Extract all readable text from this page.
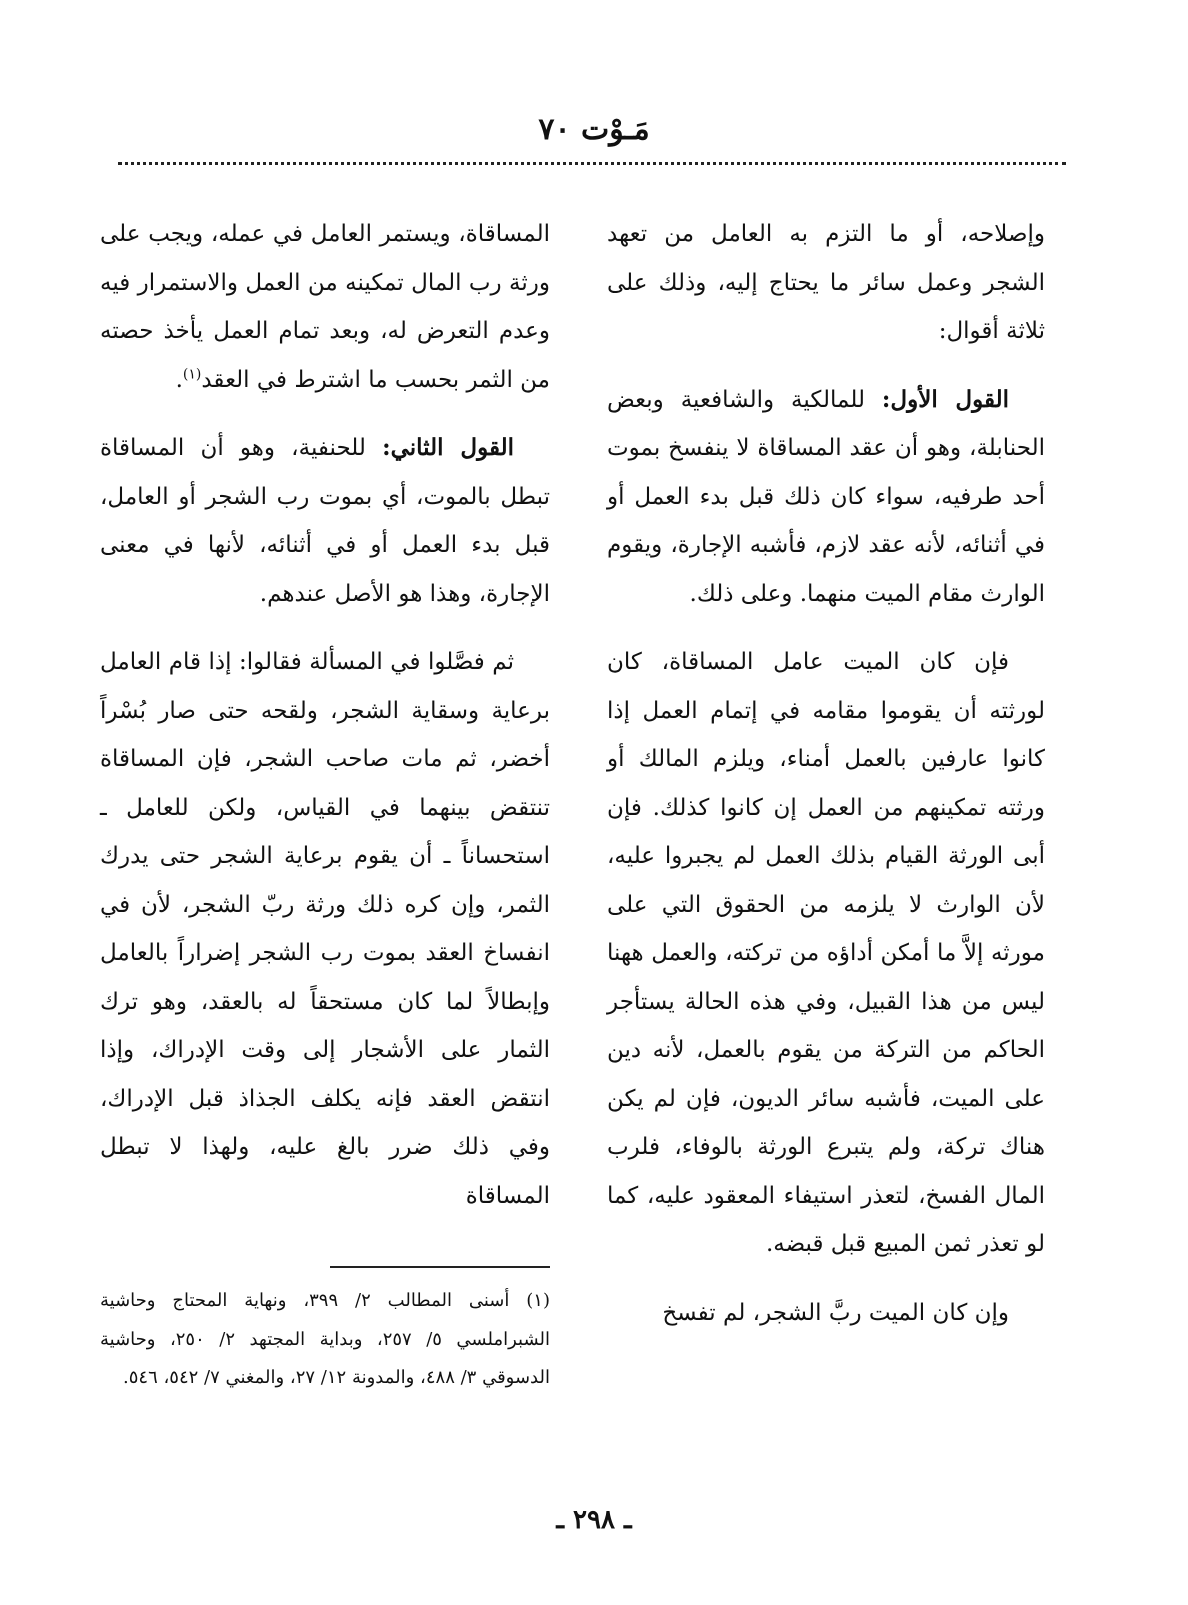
مَـوْت ٧٠

وإصلاحه، أو ما التزم به العامل من تعهد الشجر وعمل سائر ما يحتاج إليه، وذلك على ثلاثة أقوال:

القول الأول: للمالكية والشافعية وبعض الحنابلة، وهو أن عقد المساقاة لا ينفسخ بموت أحد طرفيه، سواء كان ذلك قبل بدء العمل أو في أثنائه، لأنه عقد لازم، فأشبه الإجارة، ويقوم الوارث مقام الميت منهما. وعلى ذلك.

فإن كان الميت عامل المساقاة، كان لورثته أن يقوموا مقامه في إتمام العمل إذا كانوا عارفين بالعمل أمناء، ويلزم المالك أو ورثته تمكينهم من العمل إن كانوا كذلك. فإن أبى الورثة القيام بذلك العمل لم يجبروا عليه، لأن الوارث لا يلزمه من الحقوق التي على مورثه إلاَّ ما أمكن أداؤه من تركته، والعمل ههنا ليس من هذا القبيل، وفي هذه الحالة يستأجر الحاكم من التركة من يقوم بالعمل، لأنه دين على الميت، فأشبه سائر الديون، فإن لم يكن هناك تركة، ولم يتبرع الورثة بالوفاء، فلرب المال الفسخ، لتعذر استيفاء المعقود عليه، كما لو تعذر ثمن المبيع قبل قبضه.

وإن كان الميت ربَّ الشجر، لم تفسخ

المساقاة، ويستمر العامل في عمله، ويجب على ورثة رب المال تمكينه من العمل والاستمرار فيه وعدم التعرض له، وبعد تمام العمل يأخذ حصته من الثمر بحسب ما اشترط في العقد$^{(١)}$.

القول الثاني: للحنفية، وهو أن المساقاة تبطل بالموت، أي بموت رب الشجر أو العامل، قبل بدء العمل أو في أثنائه، لأنها في معنى الإجارة، وهذا هو الأصل عندهم.

ثم فصَّلوا في المسألة فقالوا: إذا قام العامل برعاية وسقاية الشجر، ولقحه حتى صار بُسْراً أخضر، ثم مات صاحب الشجر، فإن المساقاة تنتقض بينهما في القياس، ولكن للعامل ـ استحساناً ـ أن يقوم برعاية الشجر حتى يدرك الثمر، وإن كره ذلك ورثة ربّ الشجر، لأن في انفساخ العقد بموت رب الشجر إضراراً بالعامل وإبطالاً لما كان مستحقاً له بالعقد، وهو ترك الثمار على الأشجار إلى وقت الإدراك، وإذا انتقض العقد فإنه يكلف الجذاذ قبل الإدراك، وفي ذلك ضرر بالغ عليه، ولهذا لا تبطل المساقاة

(١) أسنى المطالب ٢/ ٣٩٩، ونهاية المحتاج وحاشية الشبراملسي ٥/ ٢٥٧، وبداية المجتهد ٢/ ٢٥٠، وحاشية الدسوقي ٣/ ٤٨٨، والمدونة ١٢/ ٢٧، والمغني ٧/ ٥٤٢، ٥٤٦.
ـ ٢٩٨ ـ
